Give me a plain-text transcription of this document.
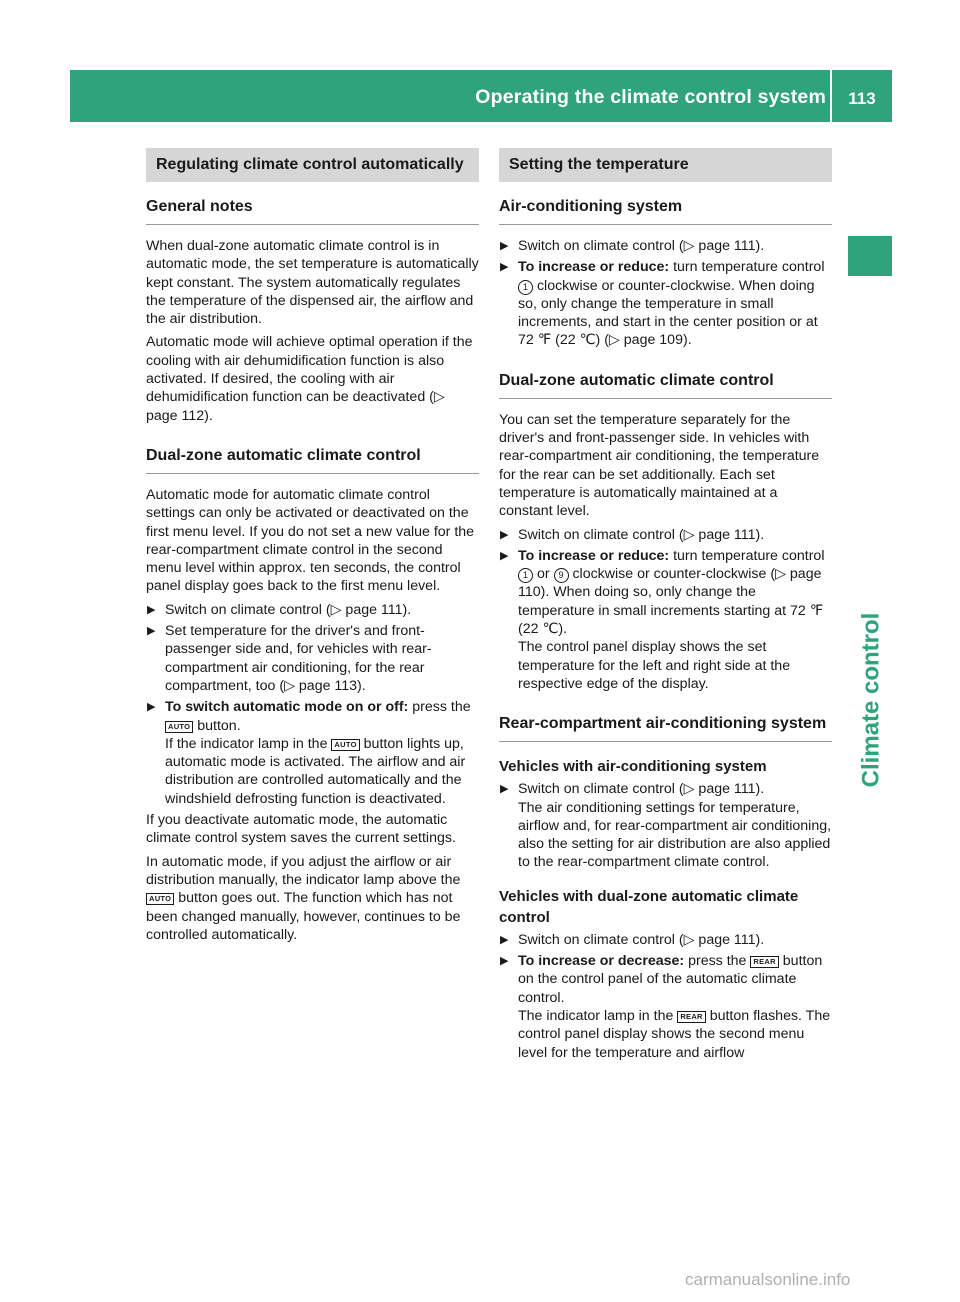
Operating the climate control system	113
Climate control
Regulating climate control automatically
General notes
When dual-zone automatic climate control is in automatic mode, the set temperature is automatically kept constant. The system automatically regulates the temperature of the dispensed air, the airflow and the air distribution.
Automatic mode will achieve optimal operation if the cooling with air dehumidification function is also activated. If desired, the cooling with air dehumidification function can be deactivated (▷ page 112).
Dual-zone automatic climate control
Automatic mode for automatic climate control settings can only be activated or deactivated on the first menu level. If you do not set a new value for the rear-compartment climate control in the second menu level within approx. ten seconds, the control panel display goes back to the first menu level.
▶ Switch on climate control (▷ page 111).
▶ Set temperature for the driver's and front-passenger side and, for vehicles with rear-compartment air conditioning, for the rear compartment, too (▷ page 113).
▶ To switch automatic mode on or off: press the AUTO button.
If the indicator lamp in the AUTO button lights up, automatic mode is activated. The airflow and air distribution are controlled automatically and the windshield defrosting function is deactivated.
If you deactivate automatic mode, the automatic climate control system saves the current settings.
In automatic mode, if you adjust the airflow or air distribution manually, the indicator lamp above the AUTO button goes out. The function which has not been changed manually, however, continues to be controlled automatically.
Setting the temperature
Air-conditioning system
▶ Switch on climate control (▷ page 111).
▶ To increase or reduce: turn temperature control 1 clockwise or counter-clockwise. When doing so, only change the temperature in small increments, and start in the center position or at 72 ℉ (22 ℃) (▷ page 109).
Dual-zone automatic climate control
You can set the temperature separately for the driver's and front-passenger side. In vehicles with rear-compartment air conditioning, the temperature for the rear can be set additionally. Each set temperature is automatically maintained at a constant level.
▶ Switch on climate control (▷ page 111).
▶ To increase or reduce: turn temperature control 1 or 9 clockwise or counter-clockwise (▷ page 110). When doing so, only change the temperature in small increments starting at 72 ℉ (22 ℃).
The control panel display shows the set temperature for the left and right side at the respective edge of the display.
Rear-compartment air-conditioning system
Vehicles with air-conditioning system
▶ Switch on climate control (▷ page 111).
The air conditioning settings for temperature, airflow and, for rear-compartment air conditioning, also the setting for air distribution are also applied to the rear-compartment climate control.
Vehicles with dual-zone automatic climate control
▶ Switch on climate control (▷ page 111).
▶ To increase or decrease: press the REAR button on the control panel of the automatic climate control.
The indicator lamp in the REAR button flashes. The control panel display shows the second menu level for the temperature and airflow
carmanualsonline.info
